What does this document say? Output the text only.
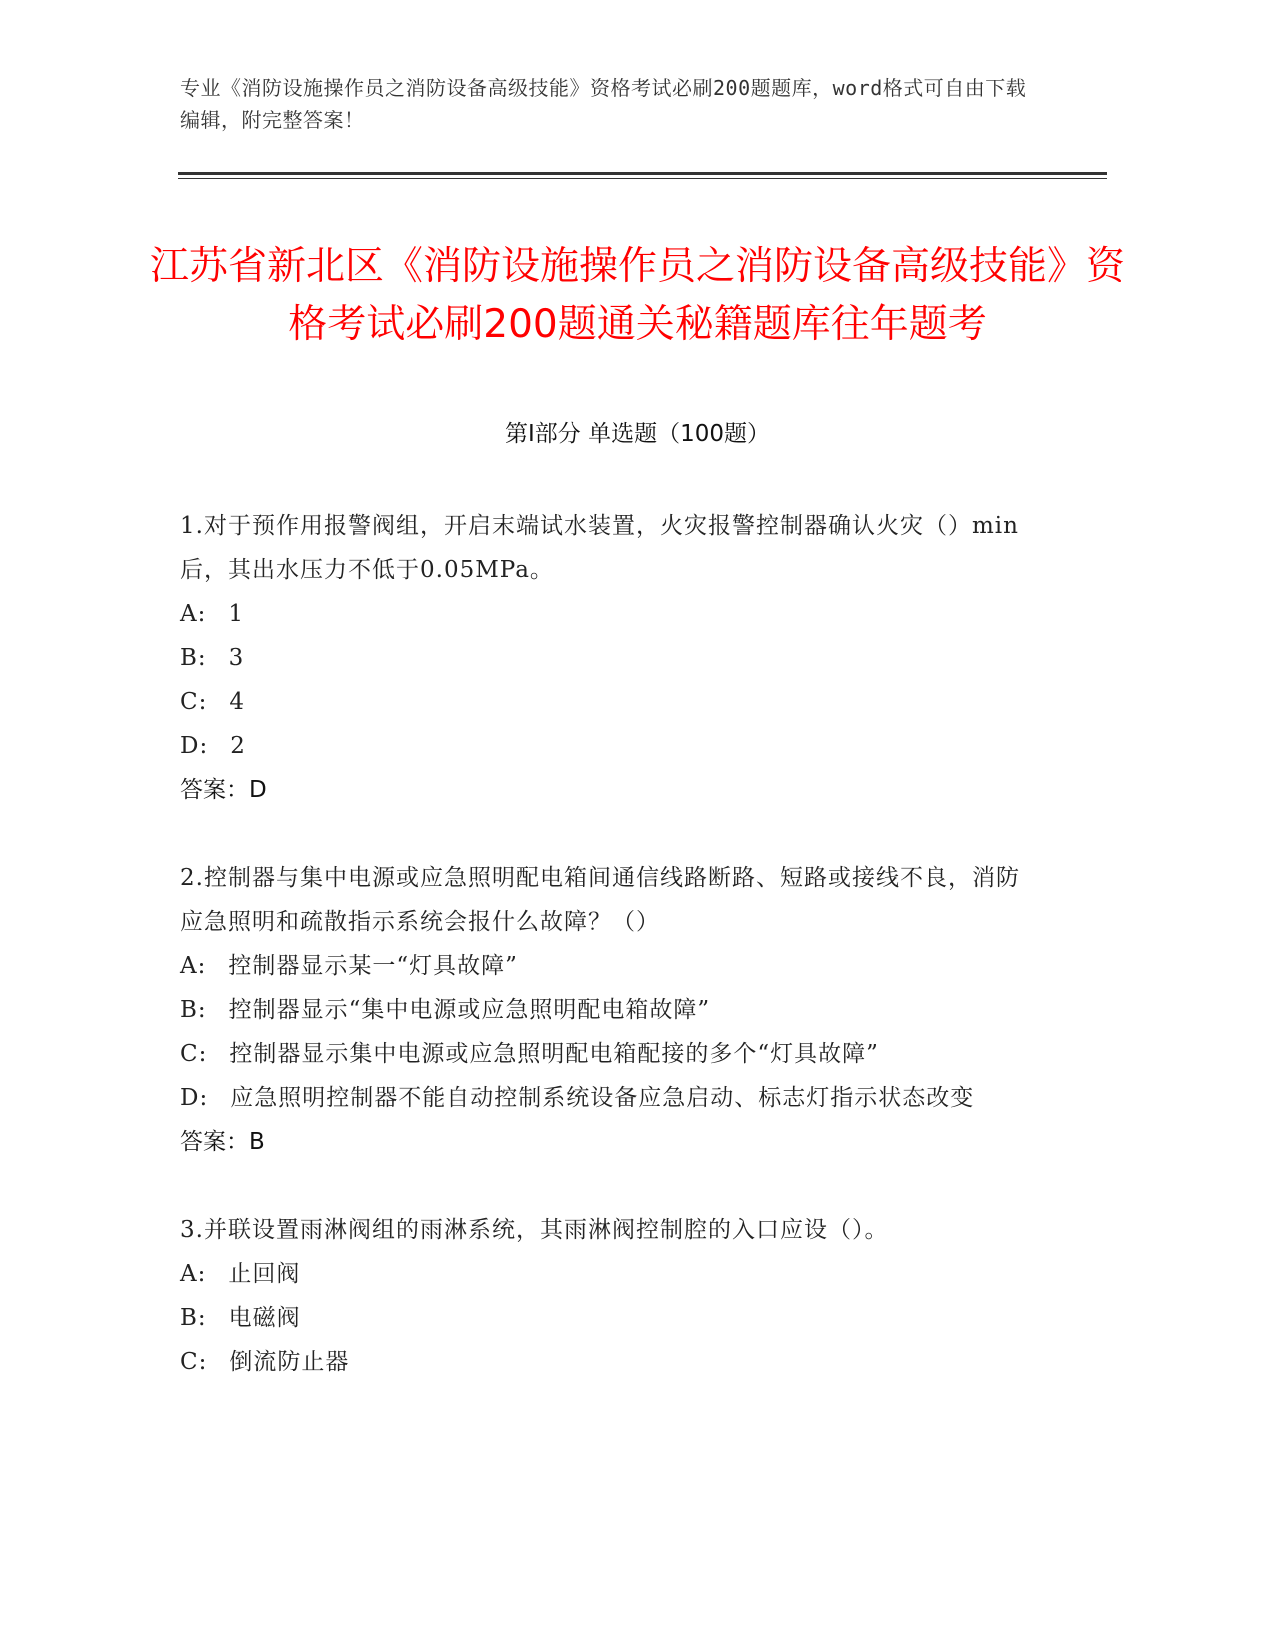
专业《消防设施操作员之消防设备高级技能》资格考试必刷200题题库，word格式可自由下载编辑，附完整答案！
江苏省新北区《消防设施操作员之消防设备高级技能》资格考试必刷200题通关秘籍题库往年题考
第Ⅰ部分 单选题（100题）
1.对于预作用报警阀组，开启末端试水装置，火灾报警控制器确认火灾（）min后，其出水压力不低于0.05MPa。
A: 1
B: 3
C: 4
D: 2
答案：D
2.控制器与集中电源或应急照明配电箱间通信线路断路、短路或接线不良，消防应急照明和疏散指示系统会报什么故障？（）
A: 控制器显示某一“灯具故障”
B: 控制器显示“集中电源或应急照明配电箱故障”
C: 控制器显示集中电源或应急照明配电箱配接的多个“灯具故障”
D: 应急照明控制器不能自动控制系统设备应急启动、标志灯指示状态改变
答案：B
3.并联设置雨淋阀组的雨淋系统，其雨淋阀控制腔的入口应设（）。
A: 止回阀
B: 电磁阀
C: 倒流防止器
